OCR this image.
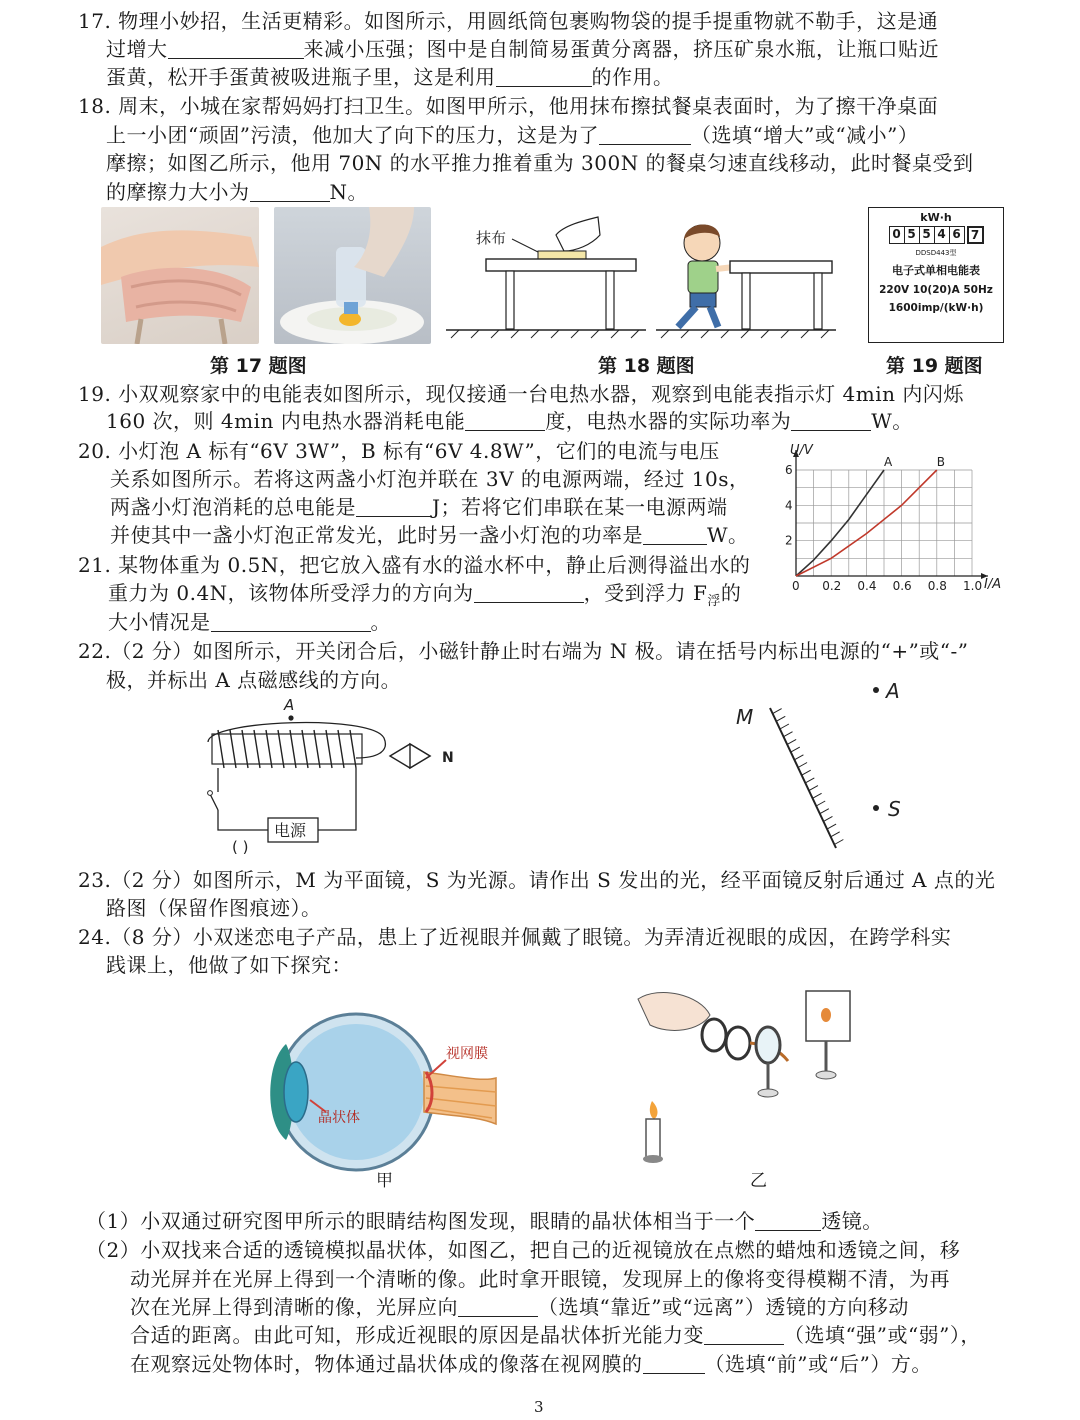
17. 物理小妙招，生活更精彩。如图所示，用圆纸筒包裹购物袋的提手提重物就不勒手，这是通
过增大	来减小压强；图中是自制简易蛋黄分离器，挤压矿泉水瓶，让瓶口贴近
蛋黄，松开手蛋黄被吸进瓶子里，这是利用	的作用。
18. 周末，小城在家帮妈妈打扫卫生。如图甲所示，他用抹布擦拭餐桌表面时，为了擦干净桌面
上一小团“顽固”污渍，他加大了向下的压力，这是为了	（选填“增大”或“减小”）
摩擦；如图乙所示，他用 70N 的水平推力推着重为 300N 的餐桌匀速直线移动，此时餐桌受到
的摩擦力大小为	N。
抹布
kW·h
0 5 5 4 6 7
DDSD443型
电子式单相电能表
220V 10(20)A 50Hz
1600imp/(kW·h)
第 17 题图	第 18 题图	第 19 题图
19. 小双观察家中的电能表如图所示，现仅接通一台电热水器，观察到电能表指示灯 4min 内闪烁
160 次，则 4min 内电热水器消耗电能	度，电热水器的实际功率为	W。
20. 小灯泡 A 标有“6V 3W”，B 标有“6V 4.8W”，它们的电流与电压
关系如图所示。若将这两盏小灯泡并联在 3V 的电源两端，经过 10s，
两盏小灯泡消耗的总电能是	J；若将它们串联在某一电源两端
并使其中一盏小灯泡正常发光，此时另一盏小灯泡的功率是	W。
0 0.2 0.4 0.6 0.8 1.0
2
4
6
A	B
U/V
I/A
21. 某物体重为 0.5N，把它放入盛有水的溢水杯中，静止后测得溢出水的
重力为 0.4N，该物体所受浮力的方向为	，受到浮力 $F_浮$的
大小情况是	。
22.（2 分）如图所示，开关闭合后，小磁针静止时右端为 N 极。请在括号内标出电源的“+”或“-”
极，并标出 A 点磁感线的方向。
A
电源
( )
N
M
A
S
23.（2 分）如图所示，M 为平面镜，S 为光源。请作出 S 发出的光，经平面镜反射后通过 A 点的光
路图（保留作图痕迹）。
24.（8 分）小双迷恋电子产品，患上了近视眼并佩戴了眼镜。为弄清近视眼的成因，在跨学科实
践课上，他做了如下探究：
视网膜
晶状体
甲	乙
（1）小双通过研究图甲所示的眼睛结构图发现，眼睛的晶状体相当于一个	透镜。
（2）小双找来合适的透镜模拟晶状体，如图乙，把自己的近视镜放在点燃的蜡烛和透镜之间，移
动光屏并在光屏上得到一个清晰的像。此时拿开眼镜，发现屏上的像将变得模糊不清，为再
次在光屏上得到清晰的像，光屏应向	（选填“靠近”或“远离”）透镜的方向移动
合适的距离。由此可知，形成近视眼的原因是晶状体折光能力变	（选填“强”或“弱”），
在观察远处物体时，物体通过晶状体成的像落在视网膜的	（选填“前”或“后”）方。
3
